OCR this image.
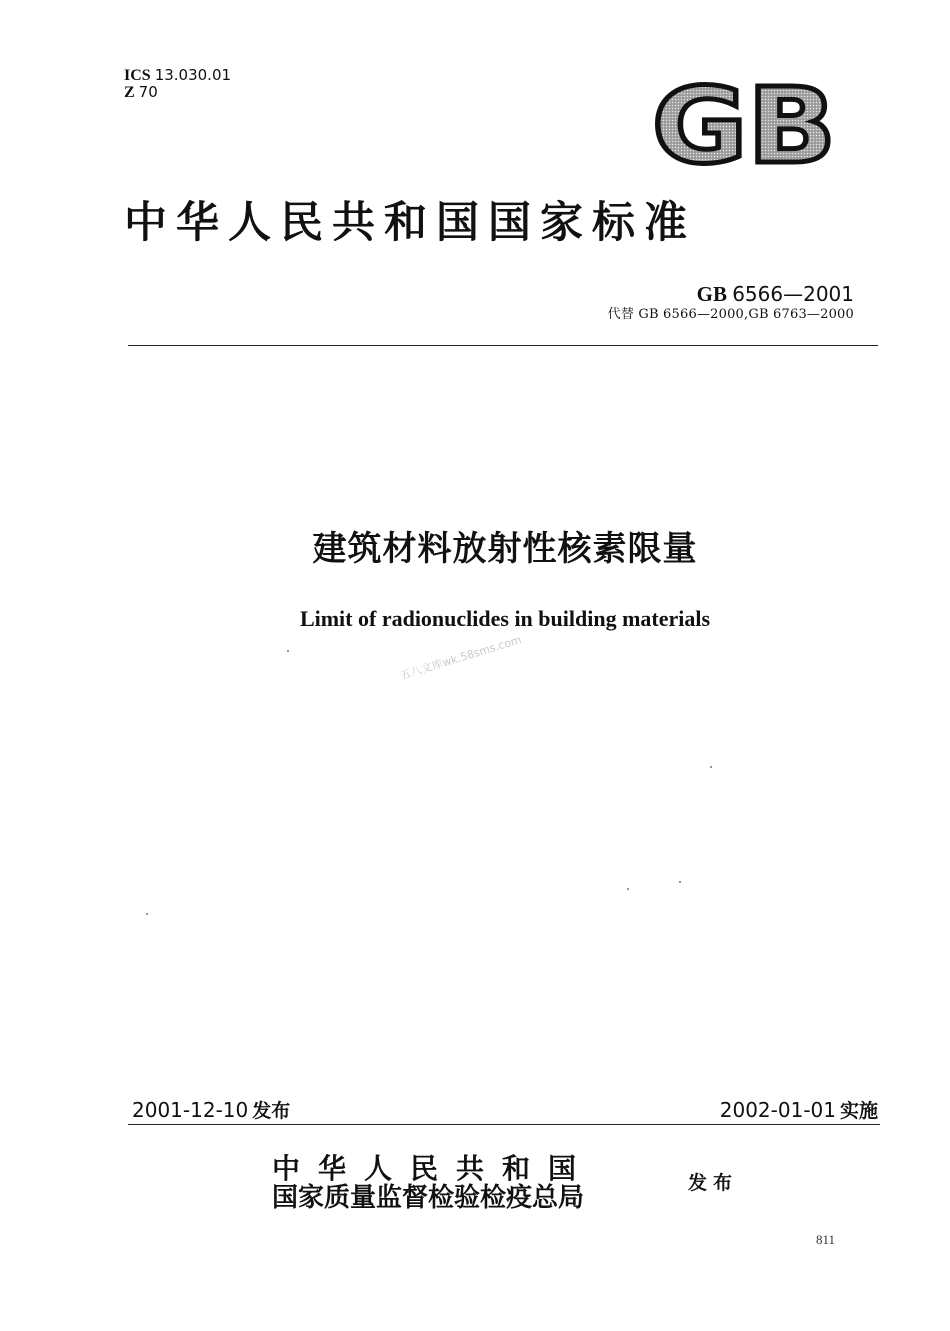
ICS 13.030.01
Z 70	GB
中华人民共和国国家标准
GB 6566—2001
代替 GB 6566—2000,GB 6763—2000
建筑材料放射性核素限量
Limit of radionuclides in building materials
五八文库wk.58sms.com
2001-12-10 发布	2002-01-01 实施
中华人民共和国
国家质量监督检验检疫总局	发布
811
